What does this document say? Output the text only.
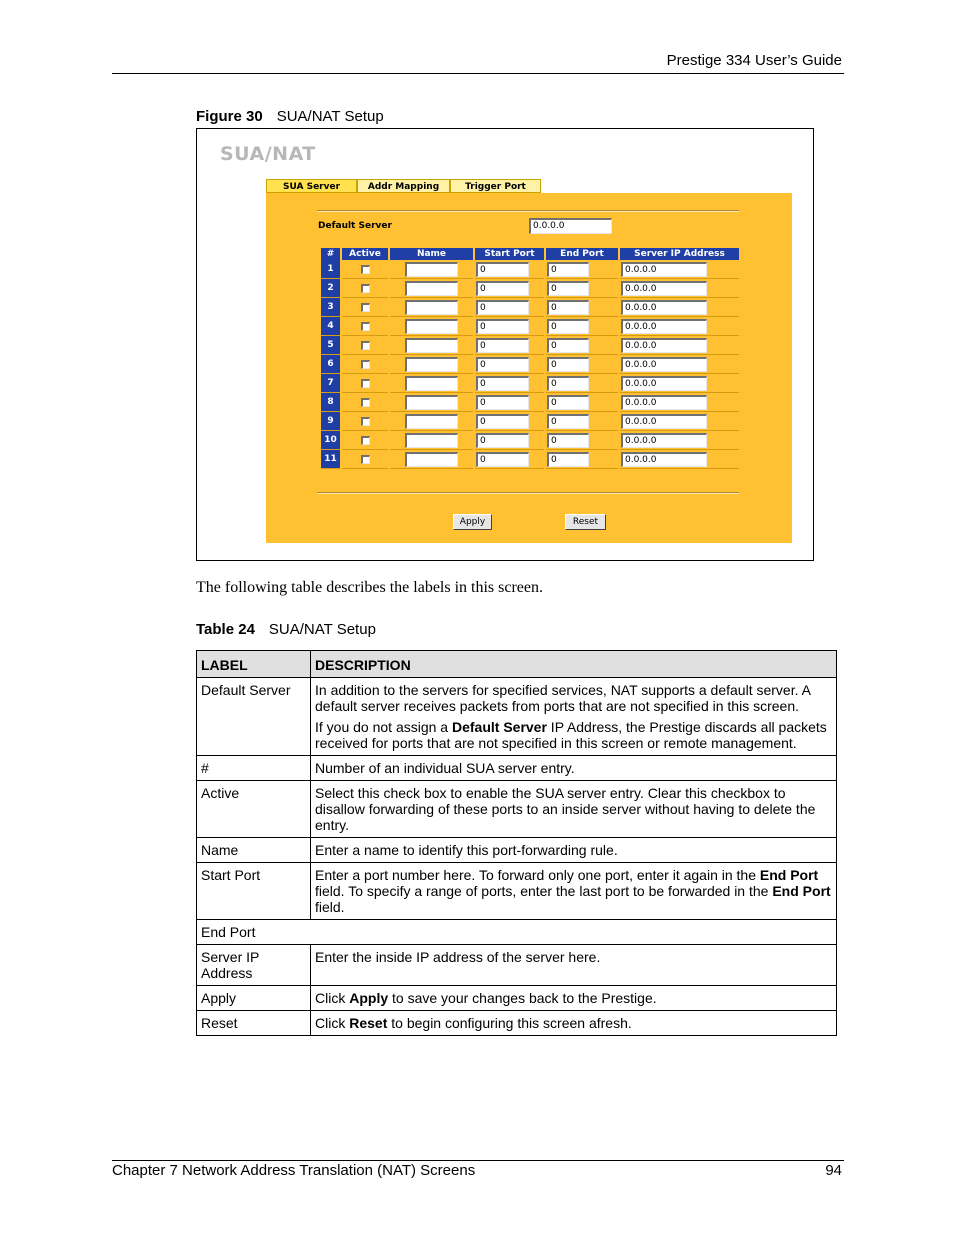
Prestige 334 User’s Guide
Figure 30 SUA/NAT Setup
SUA/NAT
SUA Server	Addr Mapping	Trigger Port
Default Server	0.0.0.0
#	Active	Name	Start Port	End Port	Server IP Address
1			0	0	0.0.0.0

2			0	0	0.0.0.0

3			0	0	0.0.0.0

4			0	0	0.0.0.0

5			0	0	0.0.0.0

6			0	0	0.0.0.0

7			0	0	0.0.0.0

8			0	0	0.0.0.0

9			0	0	0.0.0.0

10			0	0	0.0.0.0

11			0	0	0.0.0.0
Apply	Reset
The following table describes the labels in this screen.
Table 24 SUA/NAT Setup
LABEL	DESCRIPTION
Default Server	In addition to the servers for specified services, NAT supports a default server. A default server receives packets from ports that are not specified in this screen.

If you do not assign a Default Server IP Address, the Prestige discards all packets received for ports that are not specified in this screen or remote management.

#	Number of an individual SUA server entry.
Active	Select this check box to enable the SUA server entry. Clear this checkbox to disallow forwarding of these ports to an inside server without having to delete the entry.
Name	Enter a name to identify this port-forwarding rule.
Start Port	Enter a port number here. To forward only one port, enter it again in the End Port field. To specify a range of ports, enter the last port to be forwarded in the End Port field.
End Port	
Server IP Address	Enter the inside IP address of the server here.
Apply	Click Apply to save your changes back to the Prestige.
Reset	Click Reset to begin configuring this screen afresh.
Chapter 7 Network Address Translation (NAT) Screens	94
